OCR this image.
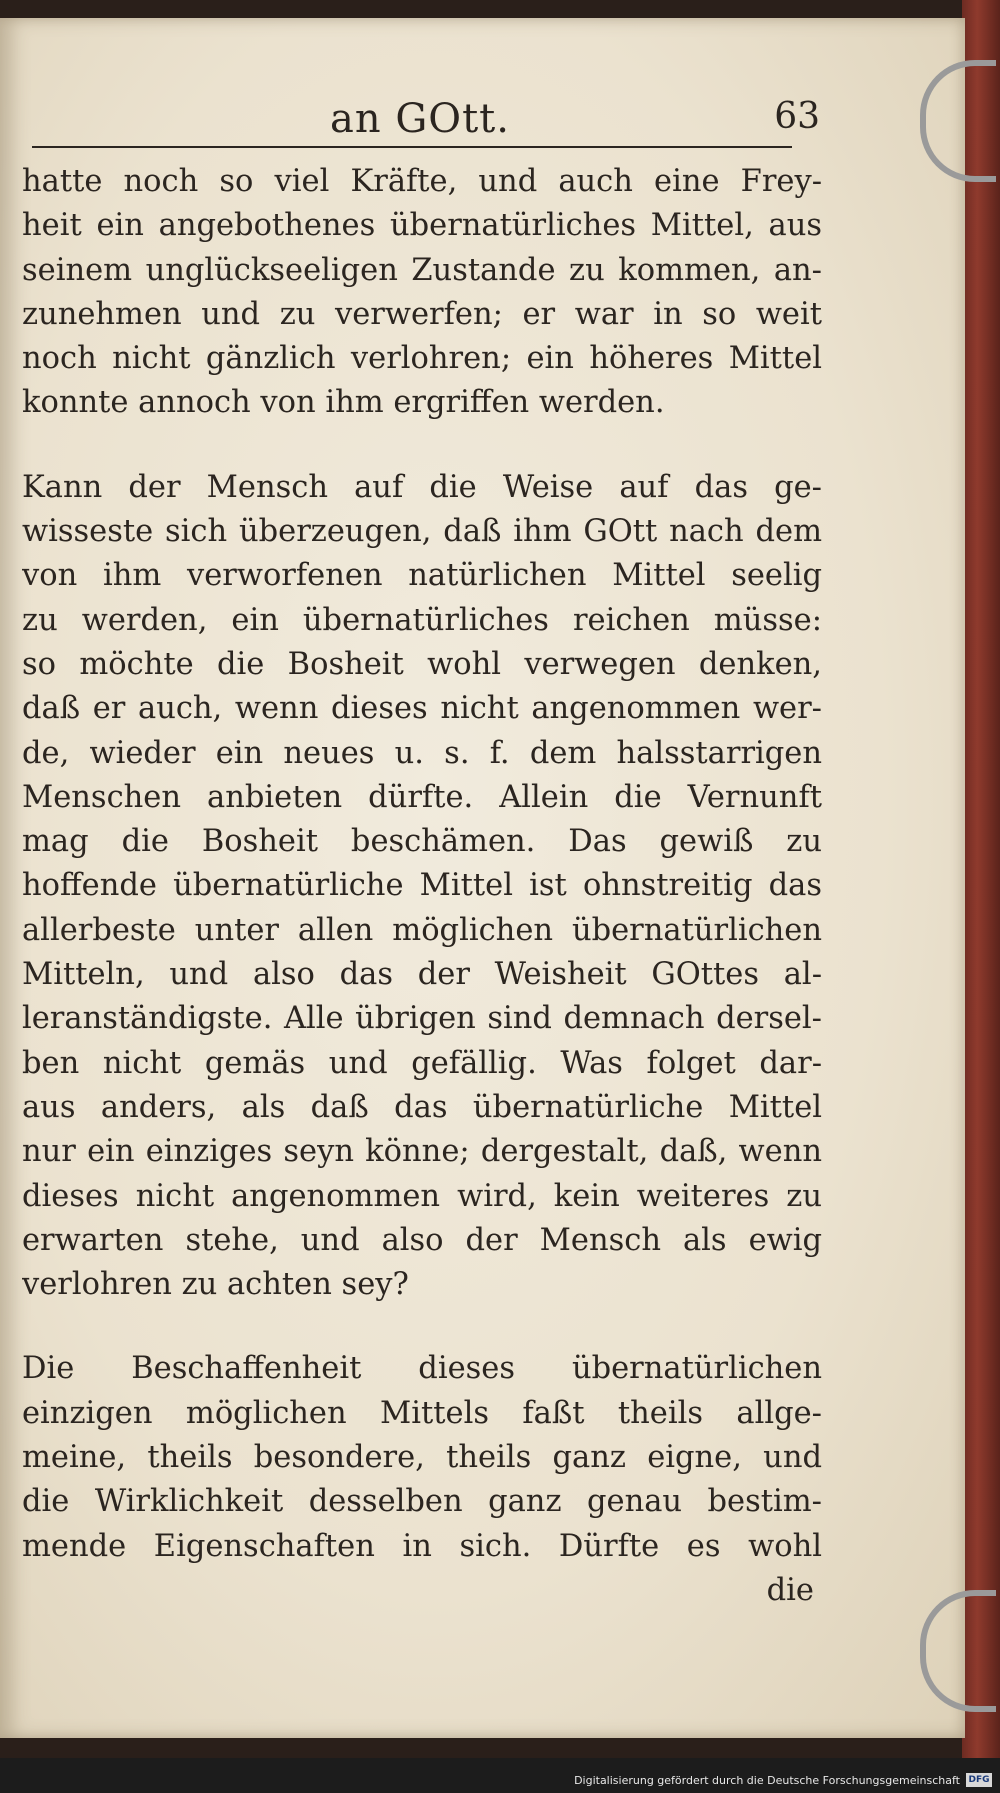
an GOtt.	63
hatte noch so viel Kräfte, und auch eine Frey-
heit ein angebothenes übernatürliches Mittel, aus
seinem unglückseeligen Zustande zu kommen, an-
zunehmen und zu verwerfen; er war in so weit
noch nicht gänzlich verlohren; ein höheres Mittel
konnte annoch von ihm ergriffen werden.
Kann der Mensch auf die Weise auf das ge-
wisseste sich überzeugen, daß ihm GOtt nach dem
von ihm verworfenen natürlichen Mittel seelig
zu werden, ein übernatürliches reichen müsse:
so möchte die Bosheit wohl verwegen denken,
daß er auch, wenn dieses nicht angenommen wer-
de, wieder ein neues u. s. f. dem halsstarrigen
Menschen anbieten dürfte. Allein die Vernunft
mag die Bosheit beschämen. Das gewiß zu
hoffende übernatürliche Mittel ist ohnstreitig das
allerbeste unter allen möglichen übernatürlichen
Mitteln, und also das der Weisheit GOttes al-
leranständigste. Alle übrigen sind demnach dersel-
ben nicht gemäs und gefällig. Was folget dar-
aus anders, als daß das übernatürliche Mittel
nur ein einziges seyn könne; dergestalt, daß, wenn
dieses nicht angenommen wird, kein weiteres zu
erwarten stehe, und also der Mensch als ewig
verlohren zu achten sey?
Die Beschaffenheit dieses übernatürlichen
einzigen möglichen Mittels faßt theils allge-
meine, theils besondere, theils ganz eigne, und
die Wirklichkeit desselben ganz genau bestim-
mende Eigenschaften in sich. Dürfte es wohl
die
Digitalisierung gefördert durch die Deutsche Forschungsgemeinschaft DFG
